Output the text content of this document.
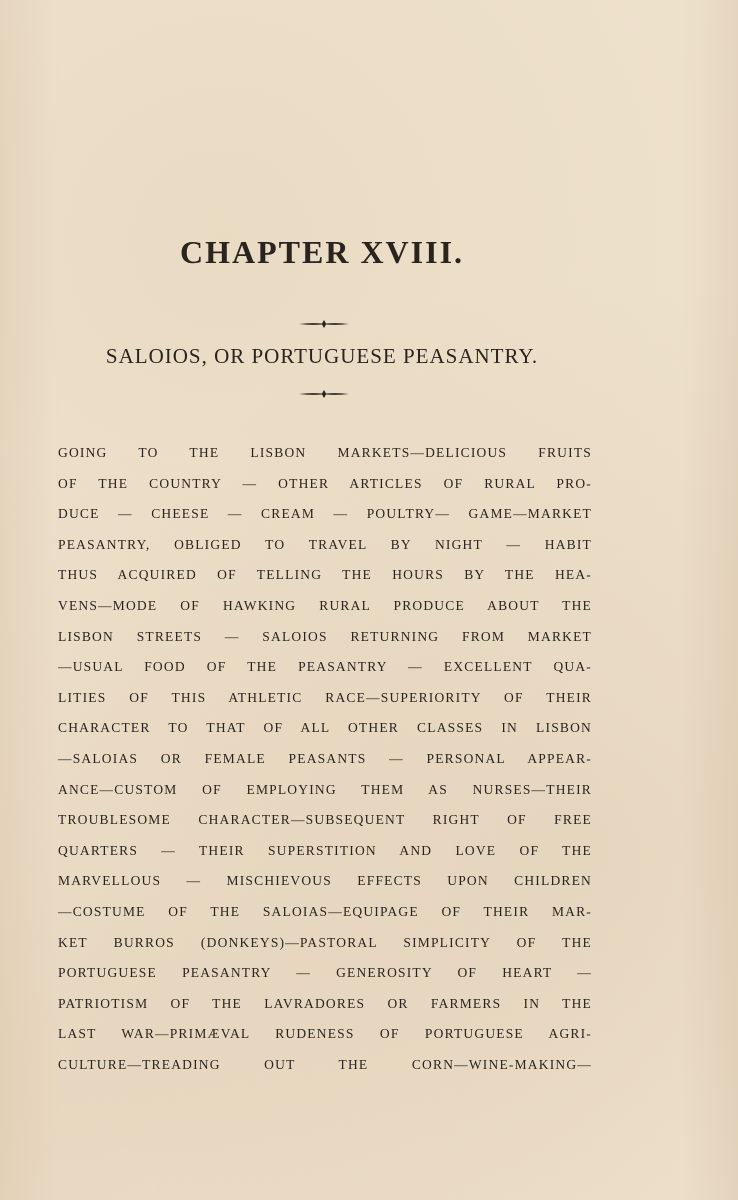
CHAPTER XVIII.
SALOIOS, OR PORTUGUESE PEASANTRY.
GOING TO THE LISBON MARKETS—DELICIOUS FRUITS
OF THE COUNTRY — OTHER ARTICLES OF RURAL PRO-
DUCE — CHEESE — CREAM — POULTRY— GAME—MARKET
PEASANTRY, OBLIGED TO TRAVEL BY NIGHT — HABIT
THUS ACQUIRED OF TELLING THE HOURS BY THE HEA-
VENS—MODE OF HAWKING RURAL PRODUCE ABOUT THE
LISBON STREETS — SALOIOS RETURNING FROM MARKET
—USUAL FOOD OF THE PEASANTRY — EXCELLENT QUA-
LITIES OF THIS ATHLETIC RACE—SUPERIORITY OF THEIR
CHARACTER TO THAT OF ALL OTHER CLASSES IN LISBON
—SALOIAS OR FEMALE PEASANTS — PERSONAL APPEAR-
ANCE—CUSTOM OF EMPLOYING THEM AS NURSES—THEIR
TROUBLESOME CHARACTER—SUBSEQUENT RIGHT OF FREE
QUARTERS — THEIR SUPERSTITION AND LOVE OF THE
MARVELLOUS — MISCHIEVOUS EFFECTS UPON CHILDREN
—COSTUME OF THE SALOIAS—EQUIPAGE OF THEIR MAR-
KET BURROS (DONKEYS)—PASTORAL SIMPLICITY OF THE
PORTUGUESE PEASANTRY — GENEROSITY OF HEART —
PATRIOTISM OF THE LAVRADORES OR FARMERS IN THE
LAST WAR—PRIMÆVAL RUDENESS OF PORTUGUESE AGRI-
CULTURE—TREADING OUT THE CORN—WINE-MAKING—
